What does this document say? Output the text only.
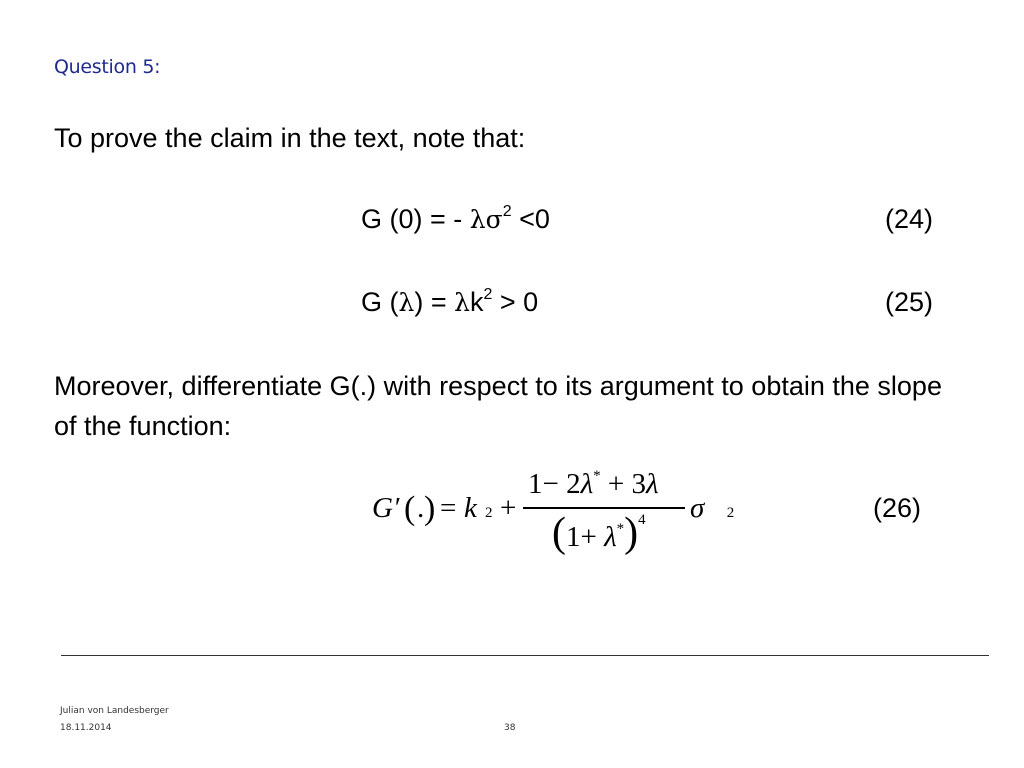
Question 5:
To prove the claim in the text, note that:
G (0) = - $\lambda\sigma^2 <0$	(24)
G $(\lambda) = \lambda k^2 > 0$	(25)
Moreover, differentiate G(.) with respect to its argument to obtain the slope of the function:
G′ ( . ) = k $_2$ +
1− 2λ* + 3λ
$(1+ \lambda^*)^4$ σ $_2$	(26)
Julian von Landesberger
18.11.2014	38
